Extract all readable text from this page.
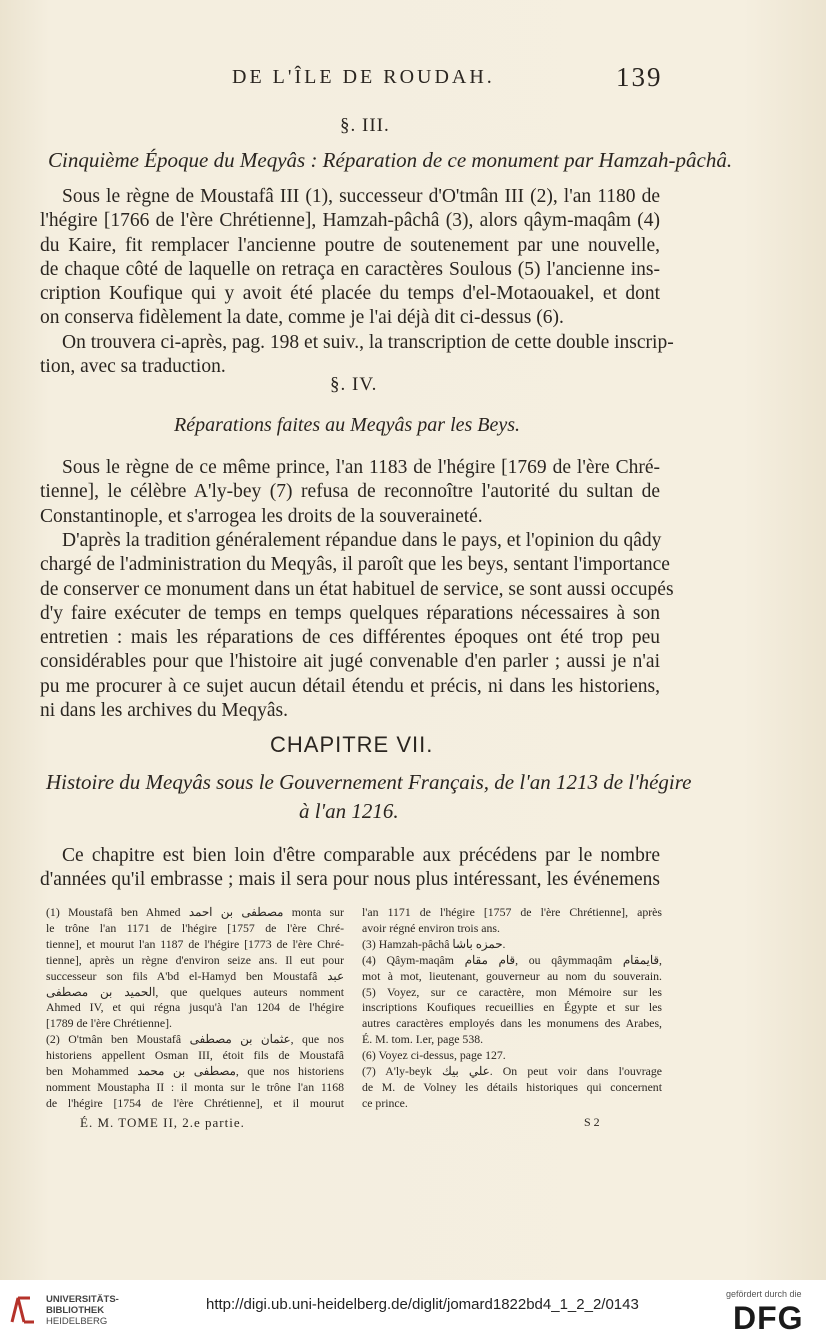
DE L'ÎLE DE ROUDAH.	139
§. III.
Cinquième Époque du Meqyâs : Réparation de ce monument par Hamzah-pâchâ.
Sous le règne de Moustafâ III (1), successeur d'O'tmân III (2), l'an 1180 de
l'hégire [1766 de l'ère Chrétienne], Hamzah-pâchâ (3), alors qâym-maqâm (4)
du Kaire, fit remplacer l'ancienne poutre de soutenement par une nouvelle,
de chaque côté de laquelle on retraça en caractères Soulous (5) l'ancienne ins-
cription Koufique qui y avoit été placée du temps d'el-Motaouakel, et dont
on conserva fidèlement la date, comme je l'ai déjà dit ci-dessus (6).
On trouvera ci-après, pag. 198 et suiv., la transcription de cette double inscrip-
tion, avec sa traduction.
§. IV.
Réparations faites au Meqyâs par les Beys.
Sous le règne de ce même prince, l'an 1183 de l'hégire [1769 de l'ère Chré-
tienne], le célèbre A'ly-bey (7) refusa de reconnoître l'autorité du sultan de
Constantinople, et s'arrogea les droits de la souveraineté.
D'après la tradition généralement répandue dans le pays, et l'opinion du qâdy
chargé de l'administration du Meqyâs, il paroît que les beys, sentant l'importance
de conserver ce monument dans un état habituel de service, se sont aussi occupés
d'y faire exécuter de temps en temps quelques réparations nécessaires à son
entretien : mais les réparations de ces différentes époques ont été trop peu
considérables pour que l'histoire ait jugé convenable d'en parler ; aussi je n'ai
pu me procurer à ce sujet aucun détail étendu et précis, ni dans les historiens,
ni dans les archives du Meqyâs.
CHAPITRE VII.
Histoire du Meqyâs sous le Gouvernement Français, de l'an 1213 de l'hégire
à l'an 1216.
Ce chapitre est bien loin d'être comparable aux précédens par le nombre
d'années qu'il embrasse ; mais il sera pour nous plus intéressant, les événemens
(1) Moustafâ ben Ahmed مصطفى بن احمد monta sur
le trône l'an 1171 de l'hégire [1757 de l'ère Chré-
tienne], et mourut l'an 1187 de l'hégire [1773 de l'ère Chré-
tienne], après un règne d'environ seize ans. Il eut pour
successeur son fils A'bd el-Hamyd ben Moustafâ عبد
الحميد بن مصطفى, que quelques auteurs nomment
Ahmed IV, et qui régna jusqu'à l'an 1204 de l'hégire
[1789 de l'ère Chrétienne].
(2) O'tmân ben Moustafâ عثمان بن مصطفى, que nos
historiens appellent Osman III, étoit fils de Moustafâ
ben Mohammed مصطفى بن محمد, que nos historiens
nomment Moustapha II : il monta sur le trône l'an 1168
de l'hégire [1754 de l'ère Chrétienne], et il mourut
l'an 1171 de l'hégire [1757 de l'ère Chrétienne], après
avoir régné environ trois ans.
(3) Hamzah-pâchâ حمزه باشا.
(4) Qâym-maqâm قام مقام, ou qâymmaqâm قايمقام,
mot à mot, lieutenant, gouverneur au nom du souverain.
(5) Voyez, sur ce caractère, mon Mémoire sur les
inscriptions Koufiques recueillies en Égypte et sur les
autres caractères employés dans les monumens des Arabes,
É. M. tom. I.er, page 538.
(6) Voyez ci-dessus, page 127.
(7) A'ly-beyk علي بيك. On peut voir dans l'ouvrage
de M. de Volney les détails historiques qui concernent
ce prince.
É. M. TOME II, 2.e partie.	S 2
UNIVERSITÄTS-
BIBLIOTHEK
HEIDELBERG
http://digi.ub.uni-heidelberg.de/diglit/jomard1822bd4_1_2_2/0143
gefördert durch die
DFG
